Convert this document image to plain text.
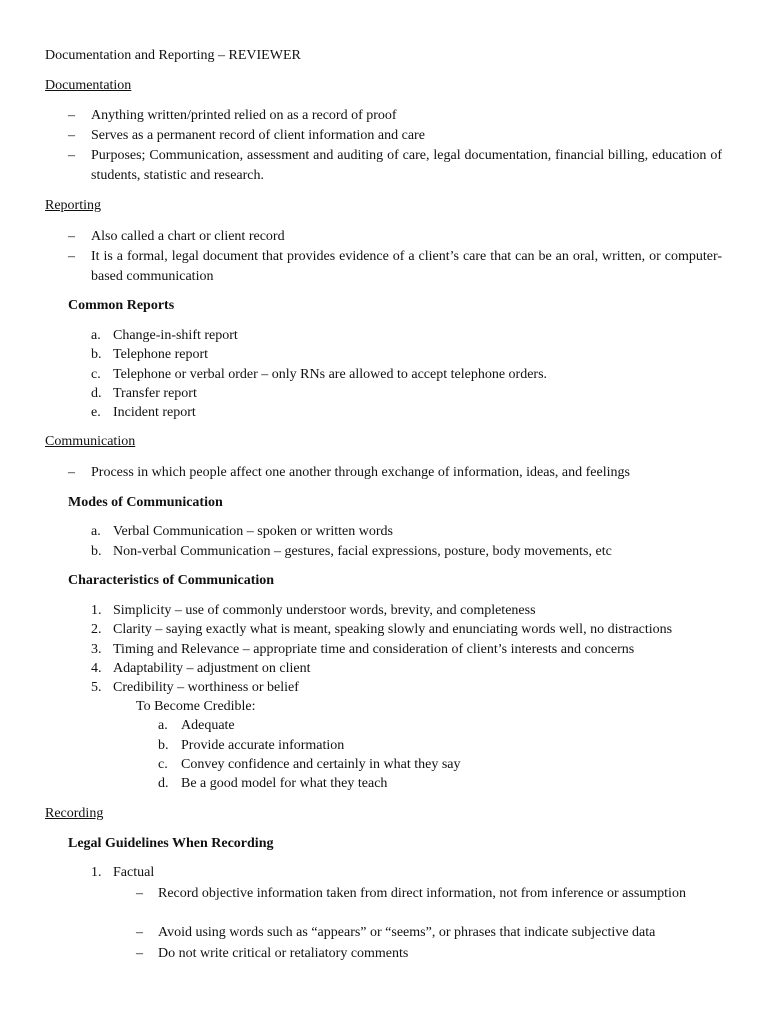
Documentation and Reporting – REVIEWER
Documentation
– Anything written/printed relied on as a record of proof
– Serves as a permanent record of client information and care
– Purposes; Communication, assessment and auditing of care, legal documentation, financial billing, education of students, statistic and research.
Reporting
– Also called a chart or client record
– It is a formal, legal document that provides evidence of a client’s care that can be an oral, written, or computer-based communication
Common Reports
a. Change-in-shift report
b. Telephone report
c. Telephone or verbal order – only RNs are allowed to accept telephone orders.
d. Transfer report
e. Incident report
Communication
– Process in which people affect one another through exchange of information, ideas, and feelings
Modes of Communication
a. Verbal Communication – spoken or written words
b. Non-verbal Communication – gestures, facial expressions, posture, body movements, etc
Characteristics of Communication
1. Simplicity – use of commonly understoor words, brevity, and completeness
2. Clarity – saying exactly what is meant, speaking slowly and enunciating words well, no distractions
3. Timing and Relevance – appropriate time and consideration of client’s interests and concerns
4. Adaptability – adjustment on client
5. Credibility – worthiness or belief
To Become Credible:
a. Adequate
b. Provide accurate information
c. Convey confidence and certainly in what they say
d. Be a good model for what they teach
Recording
Legal Guidelines When Recording
1. Factual
– Record objective information taken from direct information, not from inference or assumption
– Avoid using words such as “appears” or “seems”, or phrases that indicate subjective data
– Do not write critical or retaliatory comments
